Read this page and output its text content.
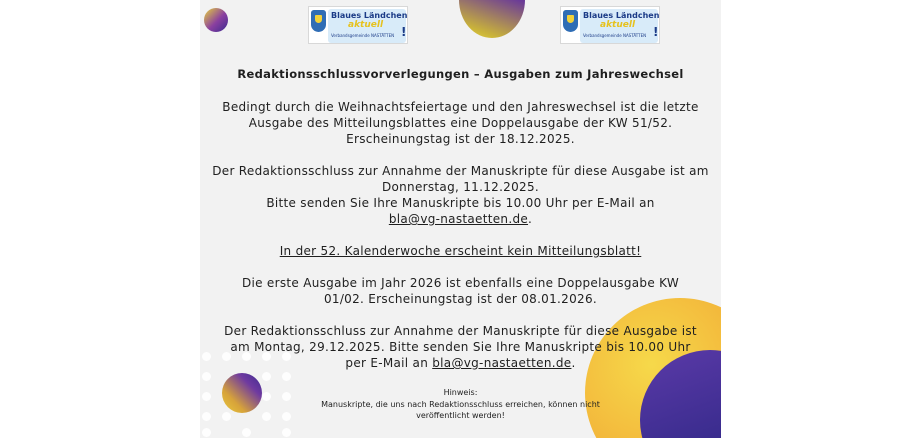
Blaues Ländchen
aktuell
Verbandsgemeinde NASTÄTTEN !
Blaues Ländchen
aktuell
Verbandsgemeinde NASTÄTTEN !
Redaktionsschlussvorverlegungen – Ausgaben zum Jahreswechsel

Bedingt durch die Weihnachtsfeiertage und den Jahreswechsel ist die letzte
Ausgabe des Mitteilungsblattes eine Doppelausgabe der KW 51/52.
Erscheinungstag ist der 18.12.2025.

Der Redaktionsschluss zur Annahme der Manuskripte für diese Ausgabe ist am
Donnerstag, 11.12.2025.
Bitte senden Sie Ihre Manuskripte bis 10.00 Uhr per E-Mail an
bla@vg-nastaetten.de.

In der 52. Kalenderwoche erscheint kein Mitteilungsblatt!

Die erste Ausgabe im Jahr 2026 ist ebenfalls eine Doppelausgabe KW
01/02. Erscheinungstag ist der 08.01.2026.

Der Redaktionsschluss zur Annahme der Manuskripte für diese Ausgabe ist
am Montag, 29.12.2025. Bitte senden Sie Ihre Manuskripte bis 10.00 Uhr
per E-Mail an bla@vg-nastaetten.de.

Hinweis:
Manuskripte, die uns nach Redaktionsschluss erreichen, können nicht
veröffentlicht werden!
